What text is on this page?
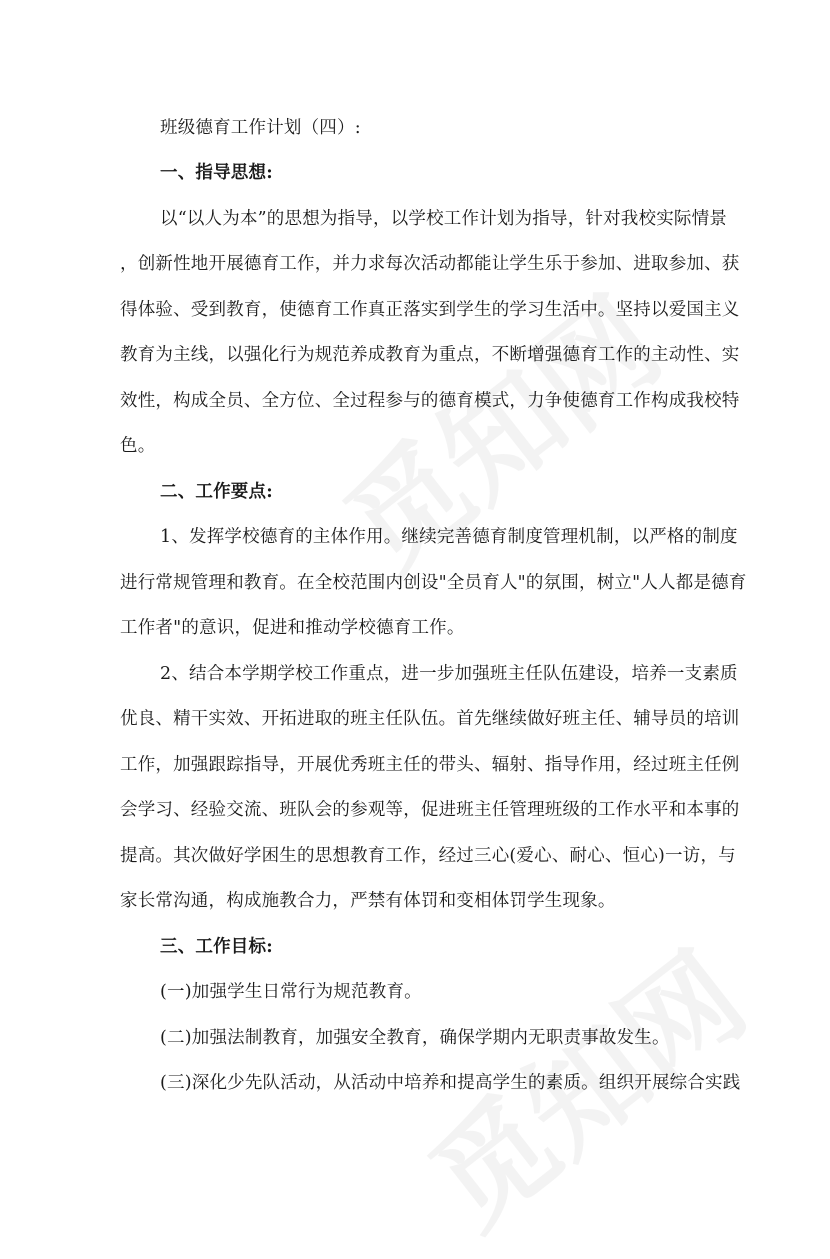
班级德育工作计划（四）:
一、指导思想:
以“以人为本”的思想为指导，以学校工作计划为指导，针对我校实际情景
，创新性地开展德育工作，并力求每次活动都能让学生乐于参加、进取参加、获
得体验、受到教育，使德育工作真正落实到学生的学习生活中。坚持以爱国主义
教育为主线，以强化行为规范养成教育为重点，不断增强德育工作的主动性、实
效性，构成全员、全方位、全过程参与的德育模式，力争使德育工作构成我校特
色。
二、工作要点:
1、发挥学校德育的主体作用。继续完善德育制度管理机制，以严格的制度
进行常规管理和教育。在全校范围内创设"全员育人"的氛围，树立"人人都是德育
工作者"的意识，促进和推动学校德育工作。
2、结合本学期学校工作重点，进一步加强班主任队伍建设，培养一支素质
优良、精干实效、开拓进取的班主任队伍。首先继续做好班主任、辅导员的培训
工作，加强跟踪指导，开展优秀班主任的带头、辐射、指导作用，经过班主任例
会学习、经验交流、班队会的参观等，促进班主任管理班级的工作水平和本事的
提高。其次做好学困生的思想教育工作，经过三心(爱心、耐心、恒心)一访，与
家长常沟通，构成施教合力，严禁有体罚和变相体罚学生现象。
三、工作目标:
(一)加强学生日常行为规范教育。
(二)加强法制教育，加强安全教育，确保学期内无职责事故发生。
(三)深化少先队活动，从活动中培养和提高学生的素质。组织开展综合实践
